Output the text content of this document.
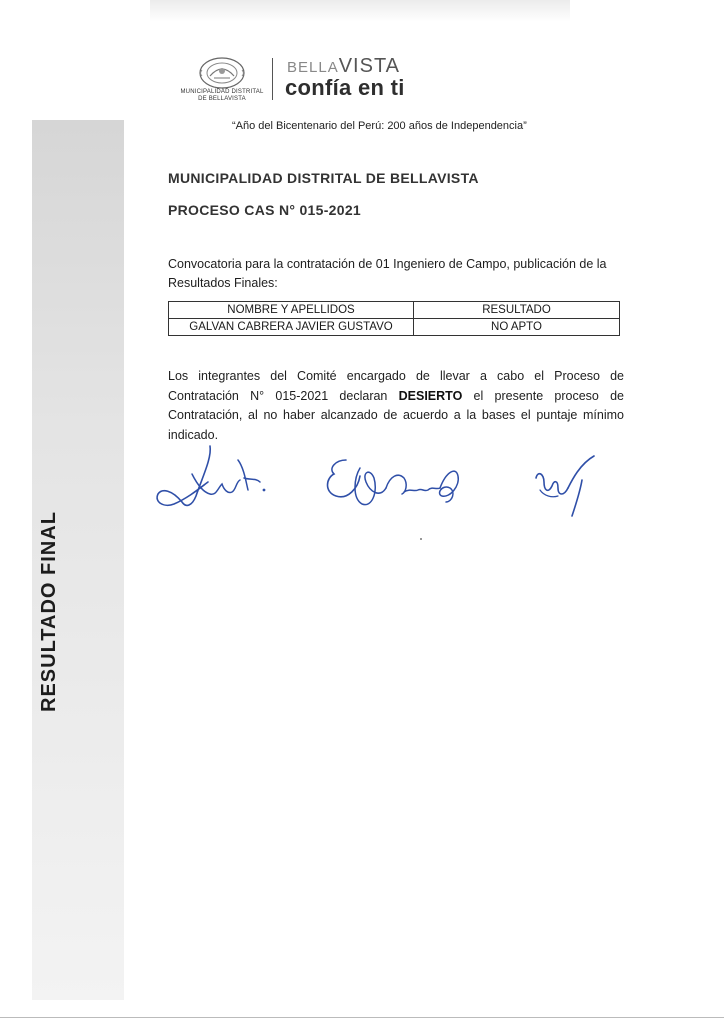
RESULTADO FINAL
MUNICIPALIDAD DISTRITAL
DE BELLAVISTA
BELLAVISTA
confía en ti
“Año del Bicentenario del Perú: 200 años de Independencia”
MUNICIPALIDAD DISTRITAL DE BELLAVISTA
PROCESO CAS N° 015-2021
Convocatoria para la contratación de 01 Ingeniero de Campo, publicación de la Resultados Finales:
NOMBRE Y APELLIDOS	RESULTADO
GALVAN CABRERA JAVIER GUSTAVO	NO APTO
Los integrantes del Comité encargado de llevar a cabo el Proceso de Contratación N° 015-2021 declaran DESIERTO el presente proceso de Contratación, al no haber alcanzado de acuerdo a la bases el puntaje mínimo indicado.
